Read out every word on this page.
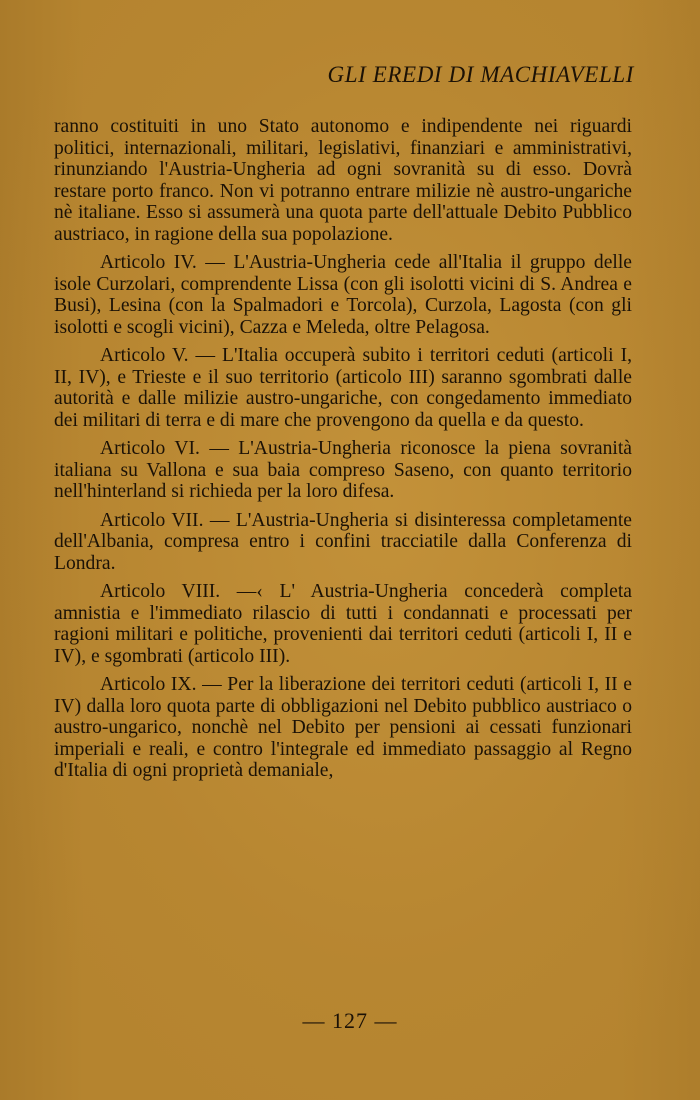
GLI EREDI DI MACHIAVELLI

ranno costituiti in uno Stato autonomo e indipendente nei riguardi politici, internazionali, militari, legislativi, finanziari e amministrativi, rinunziando l'Austria-Ungheria ad ogni sovranità su di esso. Dovrà restare porto franco. Non vi potranno entrare milizie nè austro-ungariche nè italiane. Esso si assumerà una quota parte dell'attuale Debito Pubblico austriaco, in ragione della sua popolazione.

Articolo IV. — L'Austria-Ungheria cede all'Italia il gruppo delle isole Curzolari, comprendente Lissa (con gli isolotti vicini di S. Andrea e Busi), Lesina (con la Spalmadori e Torcola), Curzola, Lagosta (con gli isolotti e scogli vicini), Cazza e Meleda, oltre Pelagosa.

Articolo V. — L'Italia occuperà subito i territori ceduti (articoli I, II, IV), e Trieste e il suo territorio (articolo III) saranno sgombrati dalle autorità e dalle milizie austro-ungariche, con congedamento immediato dei militari di terra e di mare che provengono da quella e da questo.

Articolo VI. — L'Austria-Ungheria riconosce la piena sovranità italiana su Vallona e sua baia compreso Saseno, con quanto territorio nell'hinterland si richieda per la loro difesa.

Articolo VII. — L'Austria-Ungheria si disinteressa completamente dell'Albania, compresa entro i confini tracciatile dalla Conferenza di Londra.

Articolo VIII. —‹ L' Austria-Ungheria concederà completa amnistia e l'immediato rilascio di tutti i condannati e processati per ragioni militari e politiche, provenienti dai territori ceduti (articoli I, II e IV), e sgombrati (articolo III).

Articolo IX. — Per la liberazione dei territori ceduti (articoli I, II e IV) dalla loro quota parte di obbligazioni nel Debito pubblico austriaco o austro-ungarico, nonchè nel Debito per pensioni ai cessati funzionari imperiali e reali, e contro l'integrale ed immediato passaggio al Regno d'Italia di ogni proprietà demaniale,

— 127 —
